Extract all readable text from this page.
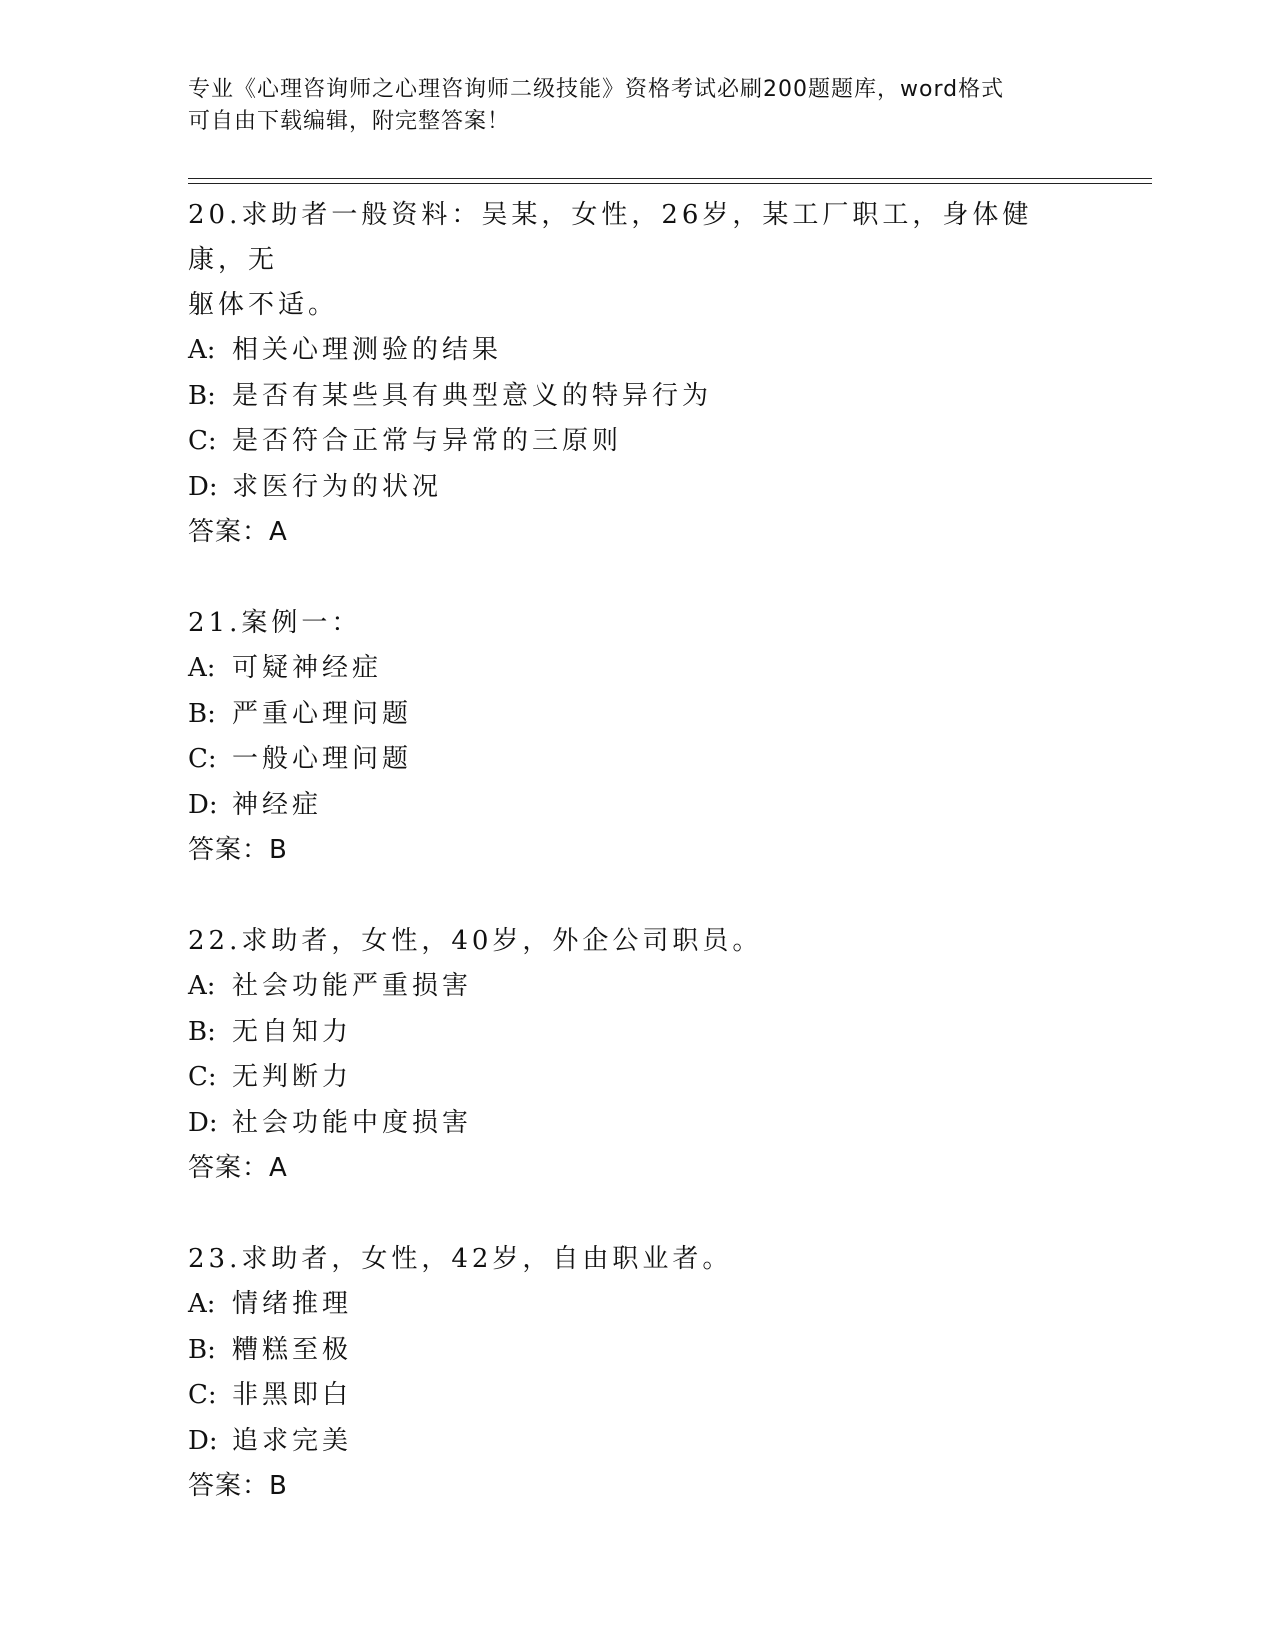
专业《心理咨询师之心理咨询师二级技能》资格考试必刷200题题库，word格式
可自由下载编辑，附完整答案！
20.求助者一般资料：吴某，女性，26岁，某工厂职工，身体健康，无
躯体不适。
A: 相关心理测验的结果
B: 是否有某些具有典型意义的特异行为
C: 是否符合正常与异常的三原则
D: 求医行为的状况
答案：A
21.案例一：
A: 可疑神经症
B: 严重心理问题
C: 一般心理问题
D: 神经症
答案：B
22.求助者，女性，40岁，外企公司职员。
A: 社会功能严重损害
B: 无自知力
C: 无判断力
D: 社会功能中度损害
答案：A
23.求助者，女性，42岁，自由职业者。
A: 情绪推理
B: 糟糕至极
C: 非黑即白
D: 追求完美
答案：B
